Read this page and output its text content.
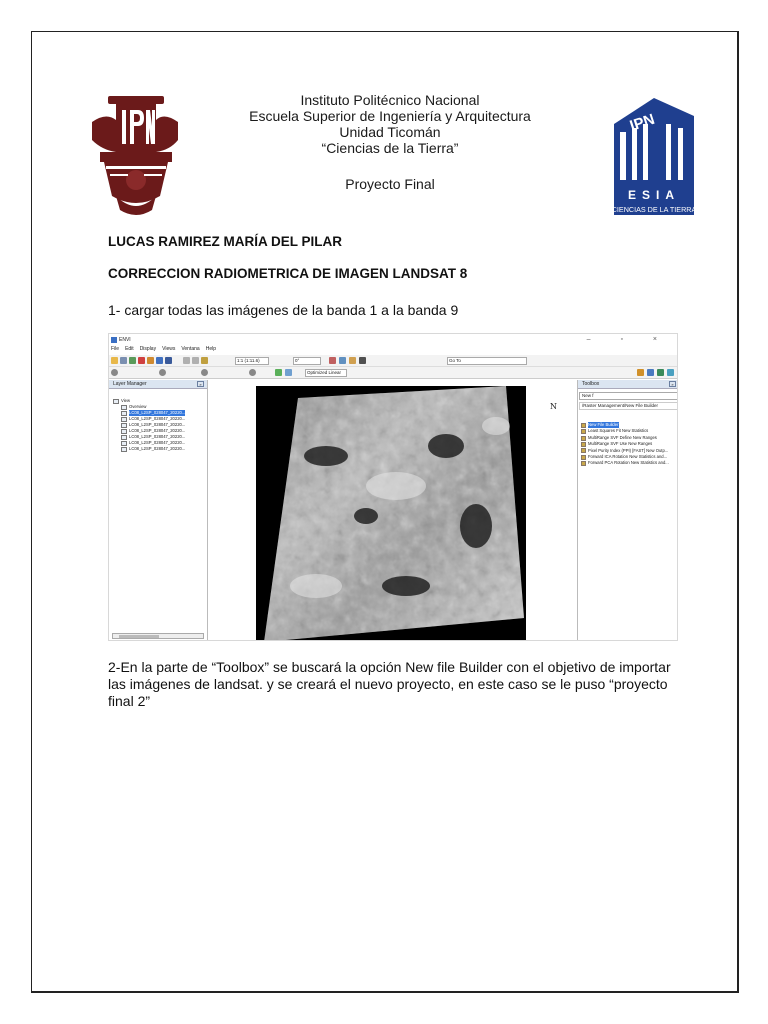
Instituto Politécnico Nacional
Escuela Superior de Ingeniería y Arquitectura
Unidad Ticomán
“Ciencias de la Tierra”
Proyecto Final
IPN
ESIA
CIENCIAS DE LA TIERRA
LUCAS RAMIREZ MARÍA DEL PILAR
CORRECCION RADIOMETRICA DE IMAGEN LANDSAT 8
1- cargar todas las imágenes de la banda 1 a la banda 9
ENVI	– ▫ ×
File Edit Display Views Ventana Help
1:1 (1:11.6)	0°	Go To
Optimized Linear
Layer Manager	»
View
Overview
LC08_L2SP_028047_20220...
LC08_L2SP_028047_20220...
LC08_L2SP_028047_20220...
LC08_L2SP_028047_20220...
LC08_L2SP_028047_20220...
LC08_L2SP_028047_20220...
LC08_L2SP_028047_20220...
N
Toolbox	»
New f
/Raster Management/New File Builder
New File Builder
Least Squares Fit New Statistics
MultiRange SVF Define New Ranges
MultiRange SVF Use New Ranges
Pixel Purity Index (PPI) [FAST] New Outp...
Forward ICA Rotation New Statistics and...
Forward PCA Rotation New Statistics and...
2-En la parte de “Toolbox” se buscará la opción New file Builder con el objetivo de importar las imágenes de landsat. y se creará el nuevo proyecto, en este caso se le puso “proyecto final 2”
